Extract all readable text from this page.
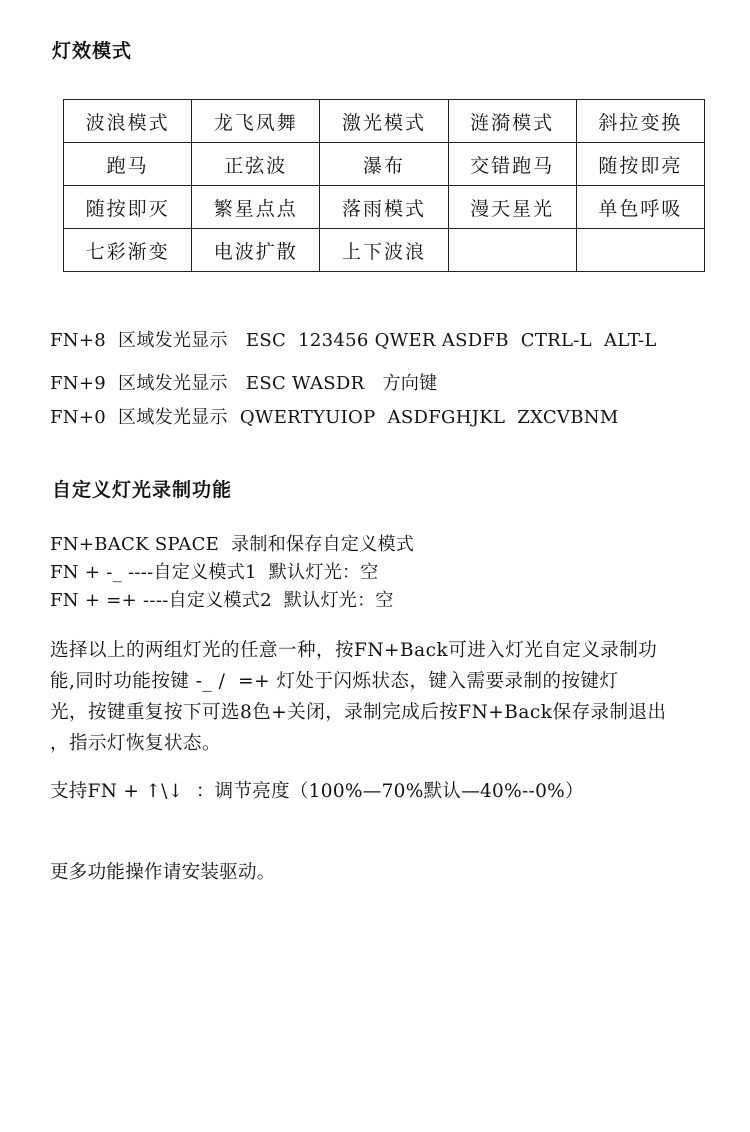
灯效模式
波浪模式	龙飞凤舞	激光模式	涟漪模式	斜拉变换
跑马	正弦波	瀑布	交错跑马	随按即亮
随按即灭	繁星点点	落雨模式	漫天星光	单色呼吸
七彩渐变	电波扩散	上下波浪		
FN+8  区域发光显示   ESC  123456 QWER ASDFB  CTRL-L  ALT-L
FN+9  区域发光显示   ESC WASDR   方向键
FN+0  区域发光显示  QWERTYUIOP  ASDFGHJKL  ZXCVBNM
自定义灯光录制功能
FN+BACK SPACE  录制和保存自定义模式
FN + -_ ----自定义模式1  默认灯光：空
FN + =+ ----自定义模式2  默认灯光：空
选择以上的两组灯光的任意一种，按FN+Back可进入灯光自定义录制功
能,同时功能按键 -_ /  =+ 灯处于闪烁状态，键入需要录制的按键灯
光，按键重复按下可选8色+关闭，录制完成后按FN+Back保存录制退出
，指示灯恢复状态。
支持FN + ↑\↓  ：调节亮度（100%—70%默认—40%--0%）
更多功能操作请安装驱动。
